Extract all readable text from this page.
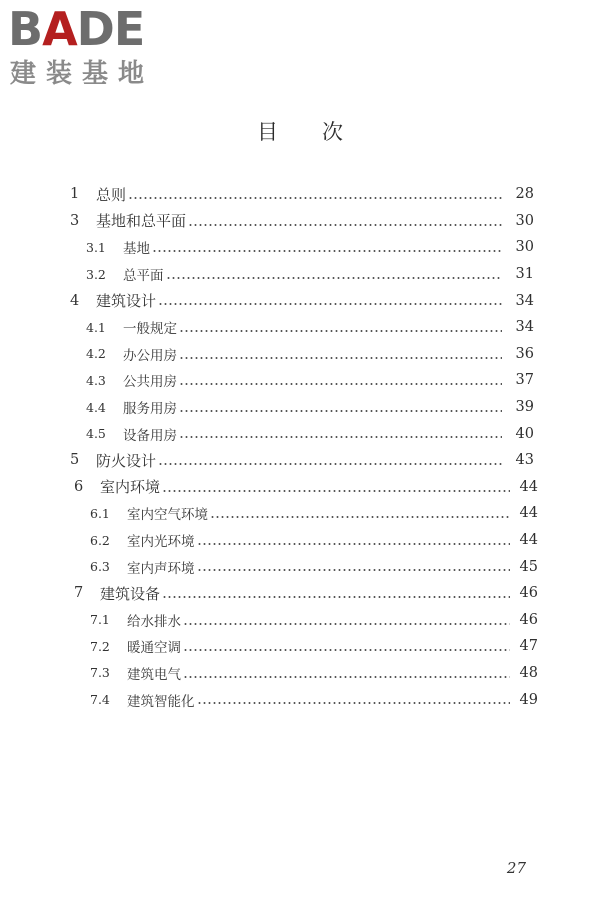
BADE
建装基地
目 次
1 总则	28
3 基地和总平面	30
3.1 基地	30
3.2 总平面	31
4 建筑设计	34
4.1 一般规定	34
4.2 办公用房	36
4.3 公共用房	37
4.4 服务用房	39
4.5 设备用房	40
5 防火设计	43
6 室内环境	44
6.1 室内空气环境	44
6.2 室内光环境	44
6.3 室内声环境	45
7 建筑设备	46
7.1 给水排水	46
7.2 暖通空调	47
7.3 建筑电气	48
7.4 建筑智能化	49
27
